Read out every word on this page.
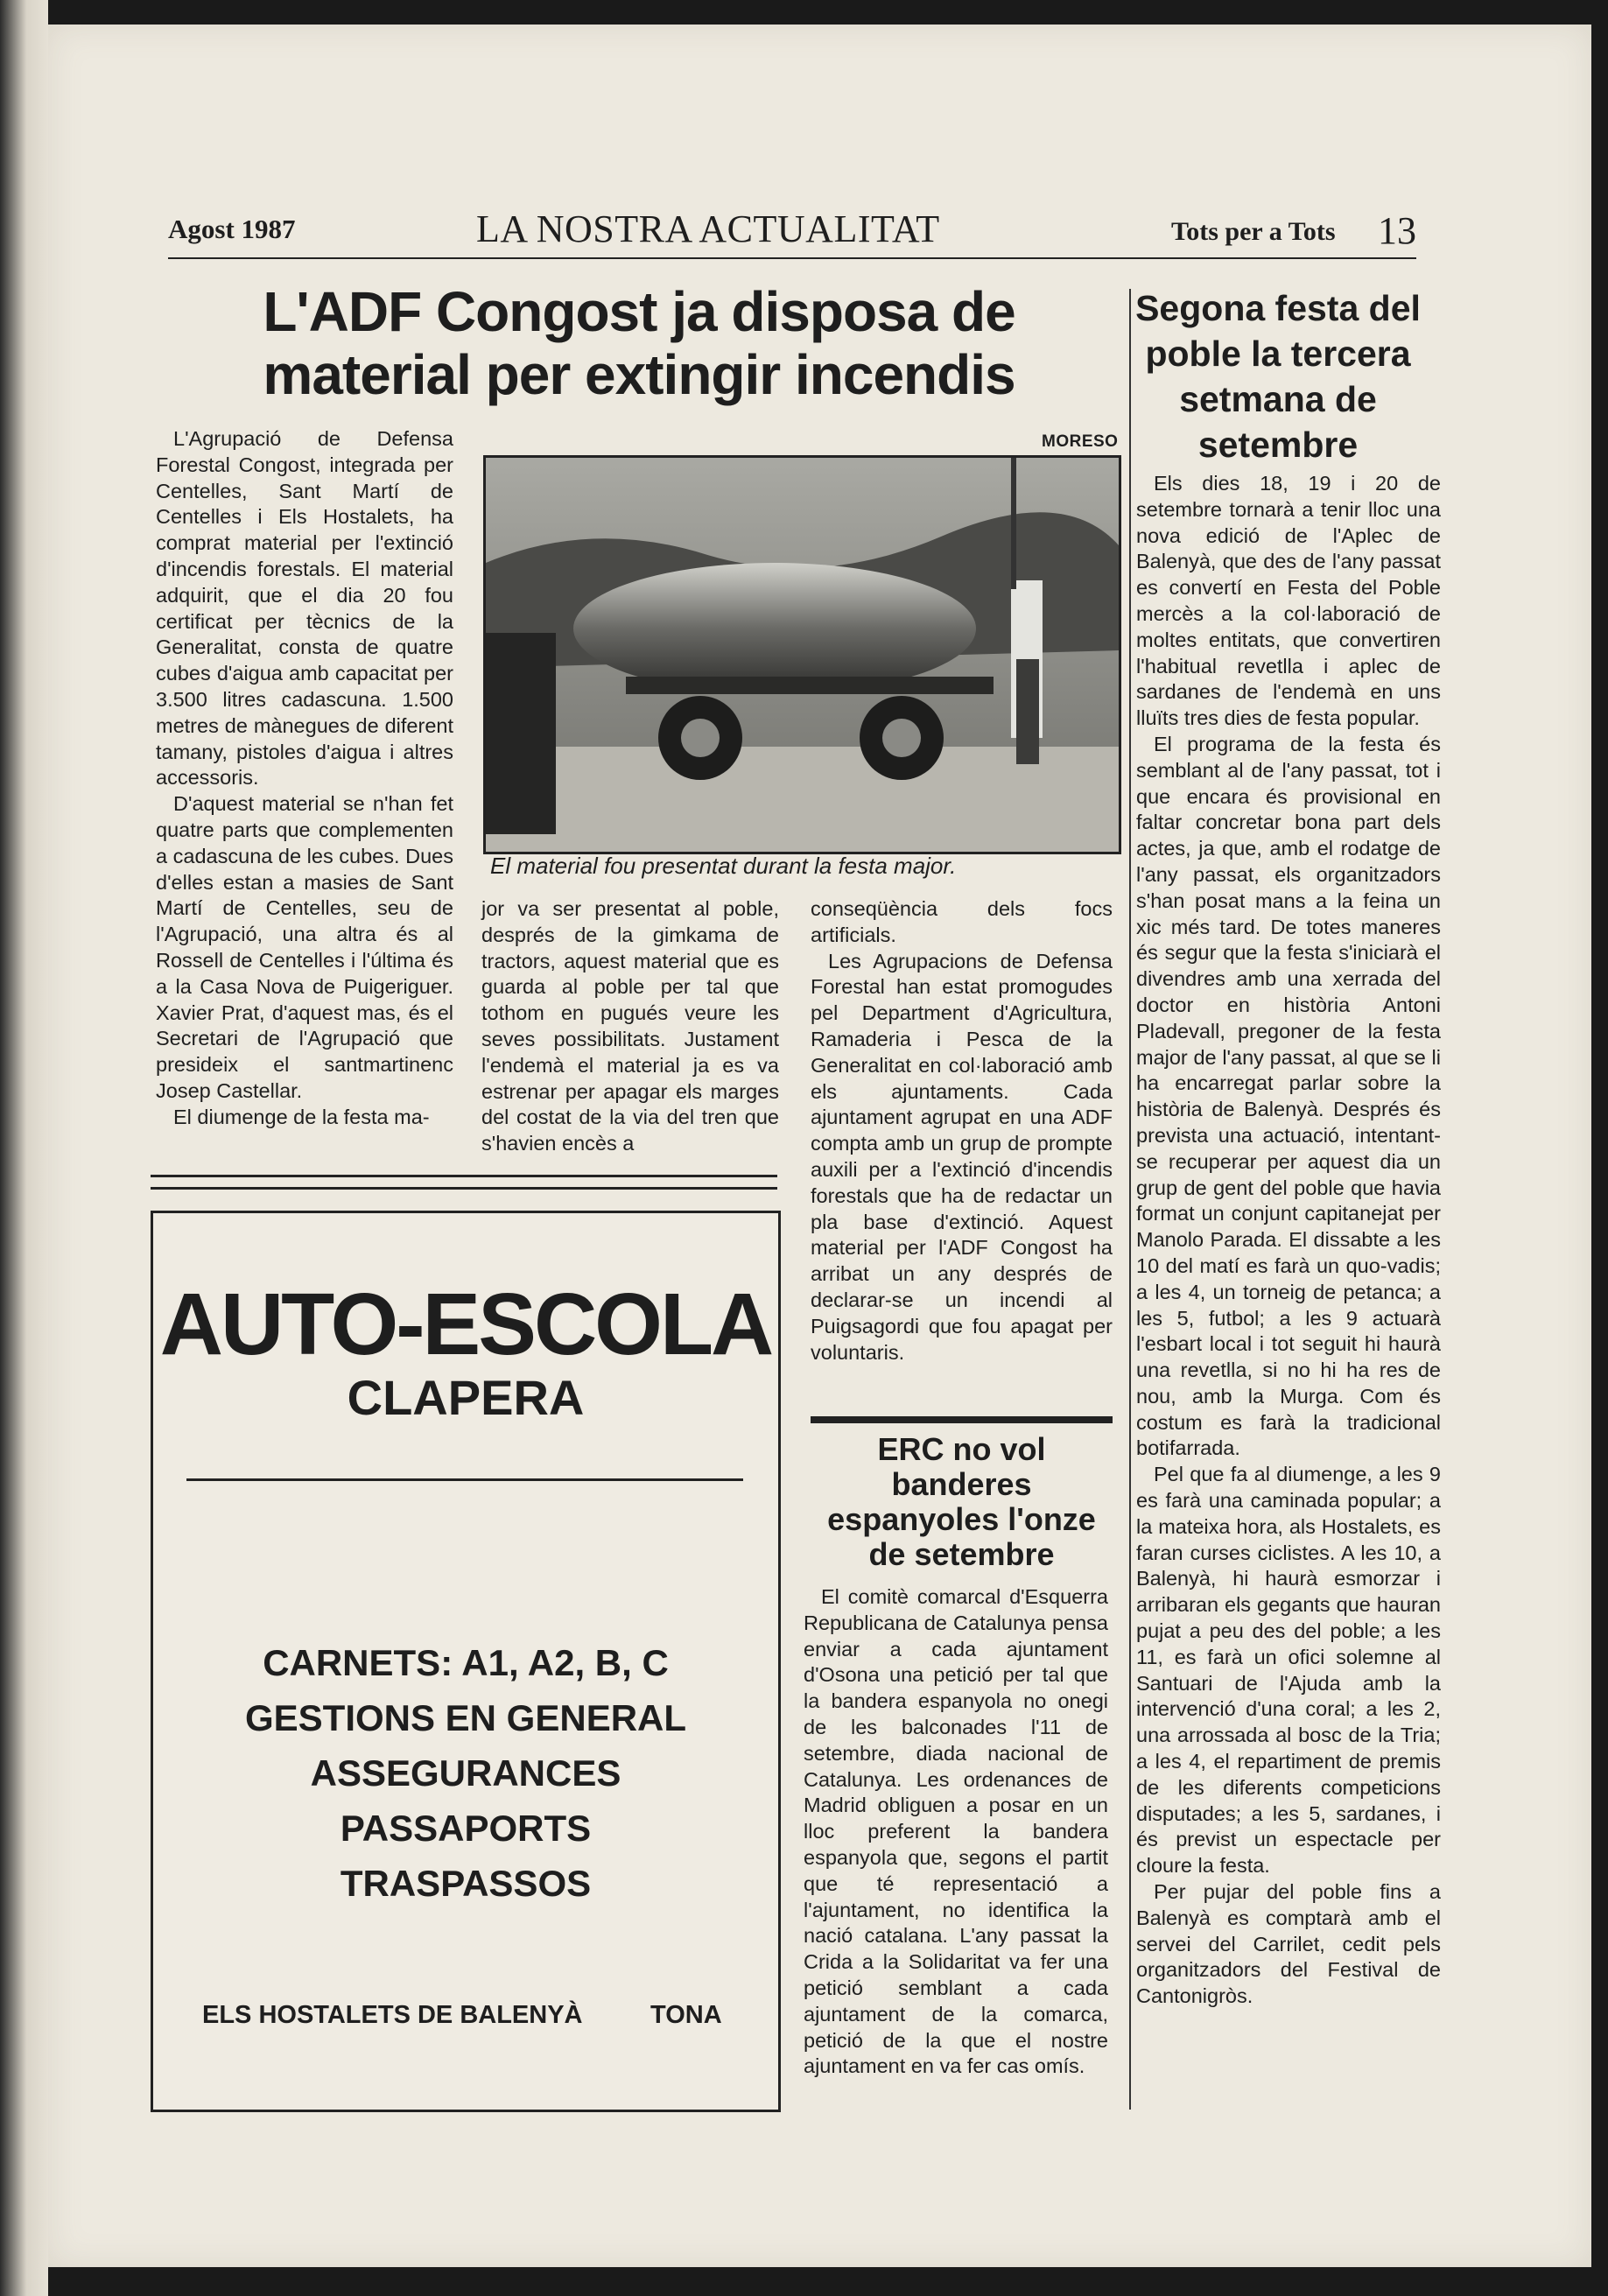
Agost 1987	LA NOSTRA ACTUALITAT	Tots per a Tots 13
L'ADF Congost ja disposa de material per extingir incendis

L'Agrupació de Defensa Forestal Congost, integrada per Centelles, Sant Martí de Centelles i Els Hostalets, ha comprat material per l'extinció d'incendis forestals. El material adquirit, que el dia 20 fou certificat per tècnics de la Generalitat, consta de quatre cubes d'aigua amb capacitat per 3.500 litres cadascuna. 1.500 metres de mànegues de diferent tamany, pistoles d'aigua i altres accessoris.

D'aquest material se n'han fet quatre parts que complementen a cadascuna de les cubes. Dues d'elles estan a masies de Sant Martí de Centelles, seu de l'Agrupació, una altra és al Rossell de Centelles i l'última és a la Casa Nova de Puigeriguer. Xavier Prat, d'aquest mas, és el Secretari de l'Agrupació que presideix el santmartinenc Josep Castellar.

El diumenge de la festa ma-

MORESO
El material fou presentat durant la festa major.

jor va ser presentat al poble, després de la gimkama de tractors, aquest material que es guarda al poble per tal que tothom en pugués veure les seves possibilitats. Justament l'endemà el material ja es va estrenar per apagar els marges del costat de la via del tren que s'havien encès a

conseqüència dels focs artificials.

Les Agrupacions de Defensa Forestal han estat promogudes pel Department d'Agricultura, Ramaderia i Pesca de la Generalitat en col·laboració amb els ajuntaments. Cada ajuntament agrupat en una ADF compta amb un grup de prompte auxili per a l'extinció d'incendis forestals que ha de redactar un pla base d'extinció. Aquest material per l'ADF Congost ha arribat un any després de declarar-se un incendi al Puigsagordi que fou apagat per voluntaris.

AUTO-ESCOLA
CLAPERA
CARNETS: A1, A2, B, C
GESTIONS EN GENERAL
ASSEGURANCES
PASSAPORTS
TRASPASSOS
ELS HOSTALETS DE BALENYÀ	TONA
ERC no vol banderes espanyoles l'onze de setembre

El comitè comarcal d'Esquerra Republicana de Catalunya pensa enviar a cada ajuntament d'Osona una petició per tal que la bandera espanyola no onegi de les balconades l'11 de setembre, diada nacional de Catalunya. Les ordenances de Madrid obliguen a posar en un lloc preferent la bandera espanyola que, segons el partit que té representació a l'ajuntament, no identifica la nació catalana. L'any passat la Crida a la Solidaritat va fer una petició semblant a cada ajuntament de la comarca, petició de la que el nostre ajuntament en va fer cas omís.

Segona festa del poble la tercera setmana de setembre

Els dies 18, 19 i 20 de setembre tornarà a tenir lloc una nova edició de l'Aplec de Balenyà, que des de l'any passat es convertí en Festa del Poble mercès a la col·laboració de moltes entitats, que convertiren l'habitual revetlla i aplec de sardanes de l'endemà en uns lluïts tres dies de festa popular.

El programa de la festa és semblant al de l'any passat, tot i que encara és provisional en faltar concretar bona part dels actes, ja que, amb el rodatge de l'any passat, els organitzadors s'han posat mans a la feina un xic més tard. De totes maneres és segur que la festa s'iniciarà el divendres amb una xerrada del doctor en història Antoni Pladevall, pregoner de la festa major de l'any passat, al que se li ha encarregat parlar sobre la història de Balenyà. Després és prevista una actuació, intentant-se recuperar per aquest dia un grup de gent del poble que havia format un conjunt capitanejat per Manolo Parada. El dissabte a les 10 del matí es farà un quo-vadis; a les 4, un torneig de petanca; a les 5, futbol; a les 9 actuarà l'esbart local i tot seguit hi haurà una revetlla, si no hi ha res de nou, amb la Murga. Com és costum es farà la tradicional botifarrada.

Pel que fa al diumenge, a les 9 es farà una caminada popular; a la mateixa hora, als Hostalets, es faran curses ciclistes. A les 10, a Balenyà, hi haurà esmorzar i arribaran els gegants que hauran pujat a peu des del poble; a les 11, es farà un ofici solemne al Santuari de l'Ajuda amb la intervenció d'una coral; a les 2, una arrossada al bosc de la Tria; a les 4, el repartiment de premis de les diferents competicions disputades; a les 5, sardanes, i és previst un espectacle per cloure la festa.

Per pujar del poble fins a Balenyà es comptarà amb el servei del Carrilet, cedit pels organitzadors del Festival de Cantonigròs.
